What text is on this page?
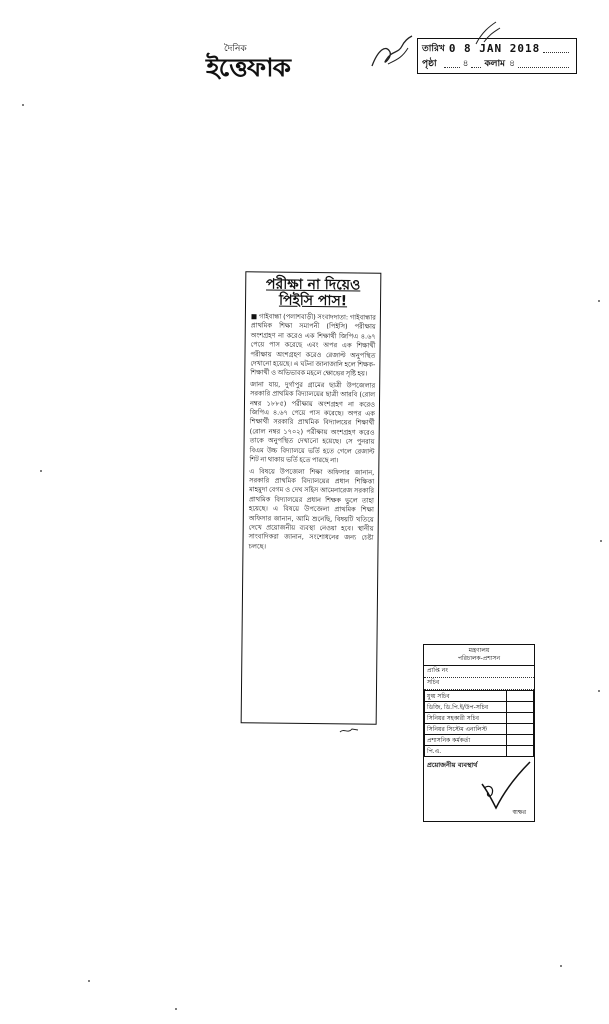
দৈনিক
ইত্তেফাক
তারিখ 0 8 JAN 2018
পৃষ্ঠা	৪ কলাম ৪
পরীক্ষা না দিয়েও
পিইসি পাস!

■ গাইবান্ধা (পলাশবাড়ী) সংবাদদাতা: গাইবান্ধার প্রাথমিক শিক্ষা সমাপনী (পিইসি) পরীক্ষায় অংশগ্রহণ না করেও এক শিক্ষার্থী জিপিএ ৪.৬৭ পেয়ে পাস করেছে এবং অপর এক শিক্ষার্থী পরীক্ষায় অংশগ্রহণ করেও রেজাল্ট অনুপস্থিত দেখানো হয়েছে। এ ঘটনা জানাজানি হলে শিক্ষক-শিক্ষার্থী ও অভিভাবক মহলে ক্ষোভের সৃষ্টি হয়।

জানা যায়, দুর্গাপুর গ্রামের ছাত্রী উপজেলার সরকারি প্রাথমিক বিদ্যালয়ের ছাত্রী আরবি (রোল নম্বর ১৮৮৫) পরীক্ষায় অংশগ্রহণ না করেও জিপিএ ৪.৬৭ পেয়ে পাস করেছে। অপর এক শিক্ষার্থী সরকারি প্রাথমিক বিদ্যালয়ের শিক্ষার্থী (রোল নম্বর ১৭০২) পরীক্ষায় অংশগ্রহণ করেও তাকে অনুপস্থিত দেখানো হয়েছে। সে পুনরায় বিএম উচ্চ বিদ্যালয়ে ভর্তি হতে গেলে রেজাল্ট শিট না থাকায় ভর্তি হতে পারছে না।

এ বিষয়ে উপজেলা শিক্ষা অফিসার জানান, সরকারি প্রাথমিক বিদ্যালয়ের প্রধান শিক্ষিকা মাহমুদা বেগম ও দেখ সহিস আমেনারেজ সরকারি প্রাথমিক বিদ্যালয়ের প্রধান শিক্ষক ভুলে তাহা হয়েছে। এ বিষয়ে উপজেলা প্রাথমিক শিক্ষা অফিসার জানান, আমি শুনেছি, বিষয়টি খতিয়ে দেখে প্রয়োজনীয় ব্যবস্থা নেওয়া হবে। স্থানীয় সাংবাদিকরা জানান, সংশোধনের জন্য চেষ্টা চলছে।

মন্ত্রণালয়
পরিচালক-প্রশাসন
প্রাপ্তি নং
সচিব
যুগ্ম সচিব	
ডিজি, ডি.পি.ই/উপ-সচিব	
সিনিয়র সহকারী সচিব	
সিনিয়র সিস্টেম এনালিস্ট	
প্রশাসনিক কর্মকর্তা	
পি.এ.	
প্রয়োজনীয় ব্যবস্থার্থ
স্বাক্ষর
